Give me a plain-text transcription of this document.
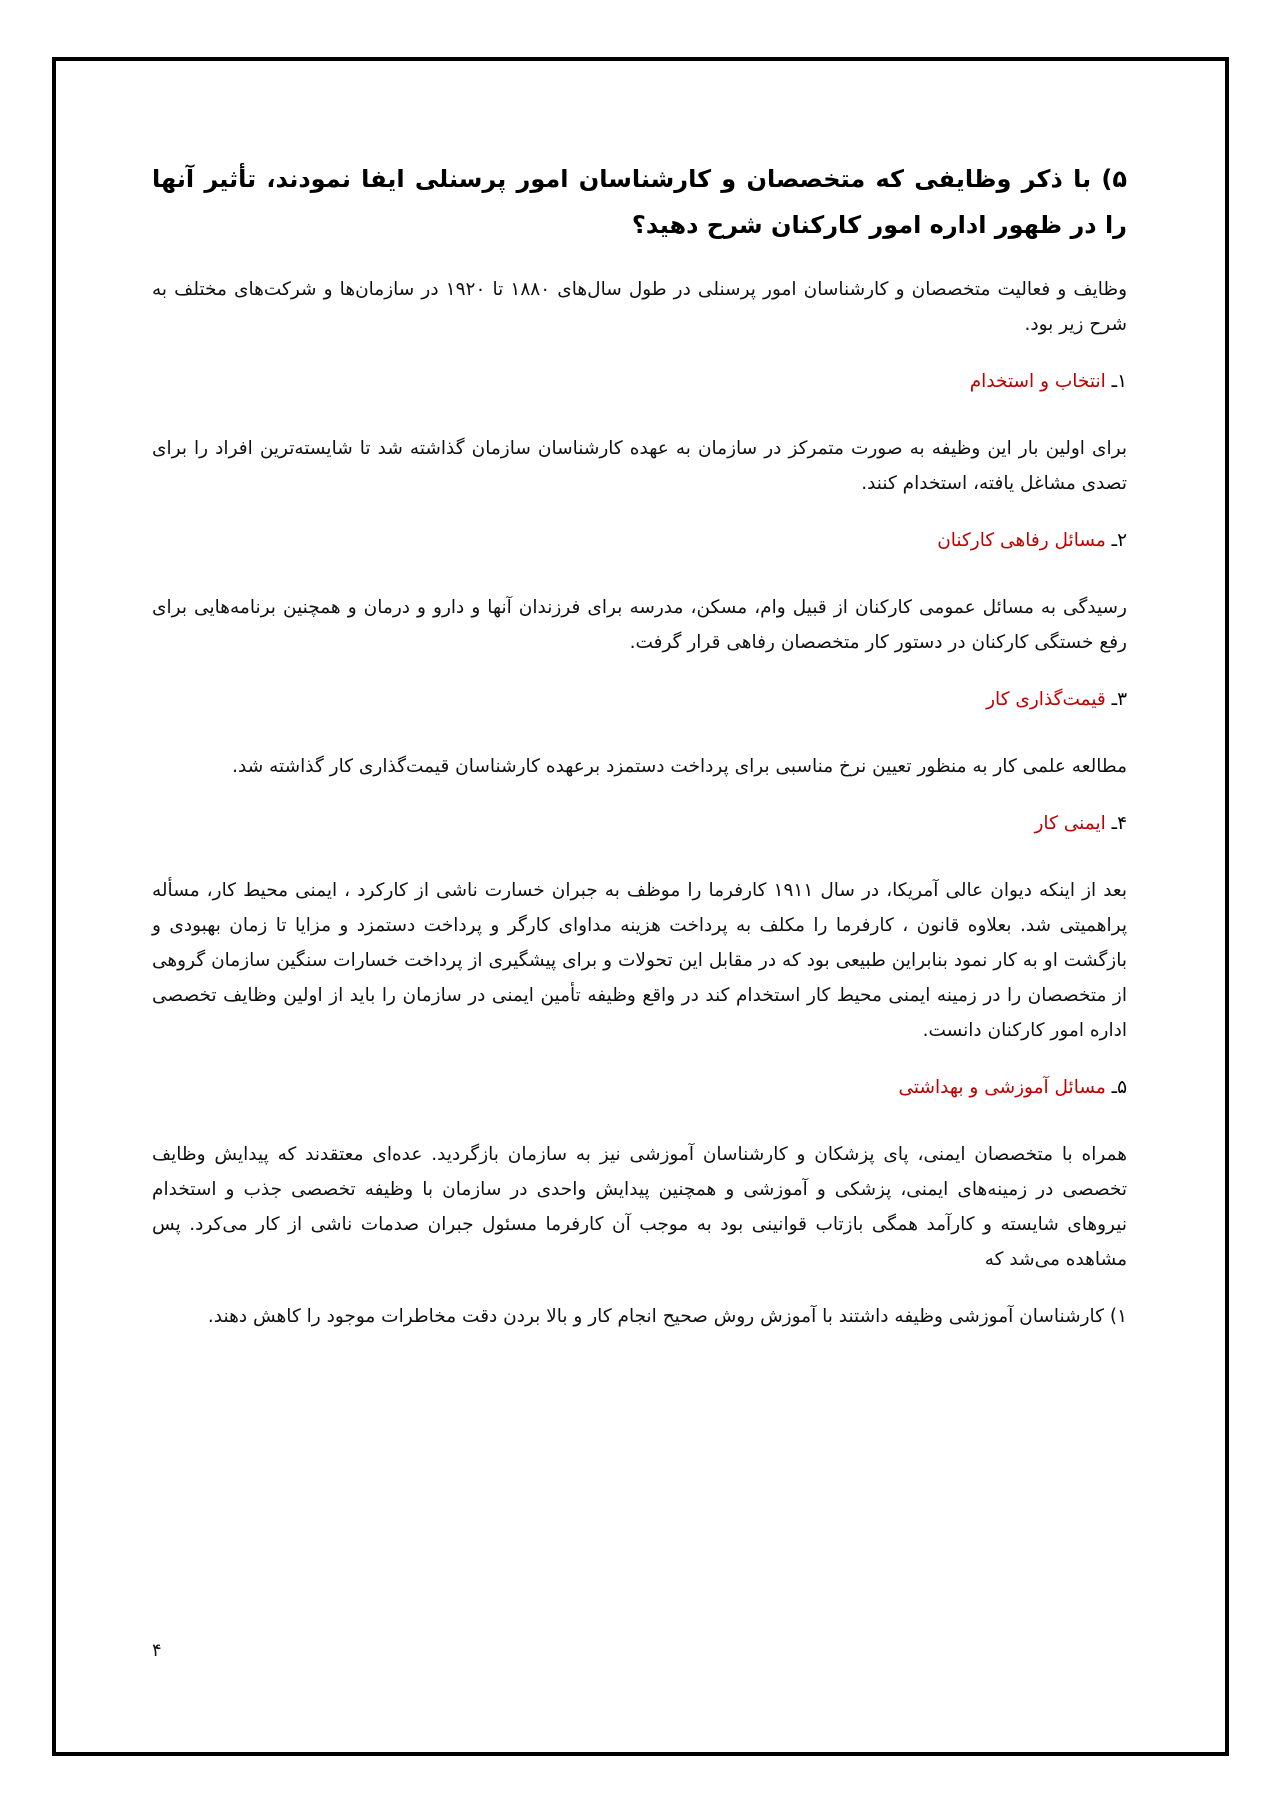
۵) با ذکر وظایفی که متخصصان و کارشناسان امور پرسنلی ایفا نمودند، تأثیر آنها را در ظهور اداره امور کارکنان شرح دهید؟

وظایف و فعالیت متخصصان و کارشناسان امور پرسنلی در طول سال‌های ۱۸۸۰ تا ۱۹۲۰ در سازمان‌ها و شرکت‌های مختلف به شرح زیر بود.

۱ـ انتخاب و استخدام

برای اولین بار این وظیفه به صورت متمرکز در سازمان به عهده کارشناسان سازمان گذاشته شد تا شایسته‌ترین افراد را برای تصدی مشاغل یافته، استخدام کنند.

۲ـ مسائل رفاهی کارکنان

رسیدگی به مسائل عمومی کارکنان از قبیل وام، مسکن، مدرسه برای فرزندان آنها و دارو و درمان و همچنین برنامه‌هایی برای رفع خستگی کارکنان در دستور کار متخصصان رفاهی قرار گرفت.

۳ـ قیمت‌گذاری کار

مطالعه علمی کار به منظور تعیین نرخ مناسبی برای پرداخت دستمزد برعهده کارشناسان قیمت‌گذاری کار گذاشته شد.

۴ـ ایمنی کار

بعد از اینکه دیوان عالی آمریکا، در سال ۱۹۱۱ کارفرما را موظف به جبران خسارت ناشی از کارکرد ، ایمنی محیط کار، مسأله پراهمیتی شد. بعلاوه قانون ، کارفرما را مکلف به پرداخت هزینه مداوای کارگر و پرداخت دستمزد و مزایا تا زمان بهبودی و بازگشت او به کار نمود بنابراین طبیعی بود که در مقابل این تحولات و برای پیشگیری از پرداخت خسارات سنگین سازمان گروهی از متخصصان را در زمینه ایمنی محیط کار استخدام کند در واقع وظیفه تأمین ایمنی در سازمان را باید از اولین وظایف تخصصی اداره امور کارکنان دانست.

۵ـ مسائل آموزشی و بهداشتی

همراه با متخصصان ایمنی، پای پزشکان و کارشناسان آموزشی نیز به سازمان بازگردید. عده‌ای معتقدند که پیدایش وظایف تخصصی در زمینه‌های ایمنی، پزشکی و آموزشی و همچنین پیدایش واحدی در سازمان با وظیفه تخصصی جذب و استخدام نیروهای شایسته و کارآمد همگی بازتاب قوانینی بود به موجب آن کارفرما مسئول جبران صدمات ناشی از کار می‌کرد. پس مشاهده می‌شد که

۱) کارشناسان آموزشی وظیفه داشتند با آموزش روش صحیح انجام کار و بالا بردن دقت مخاطرات موجود را کاهش دهند.

۴
